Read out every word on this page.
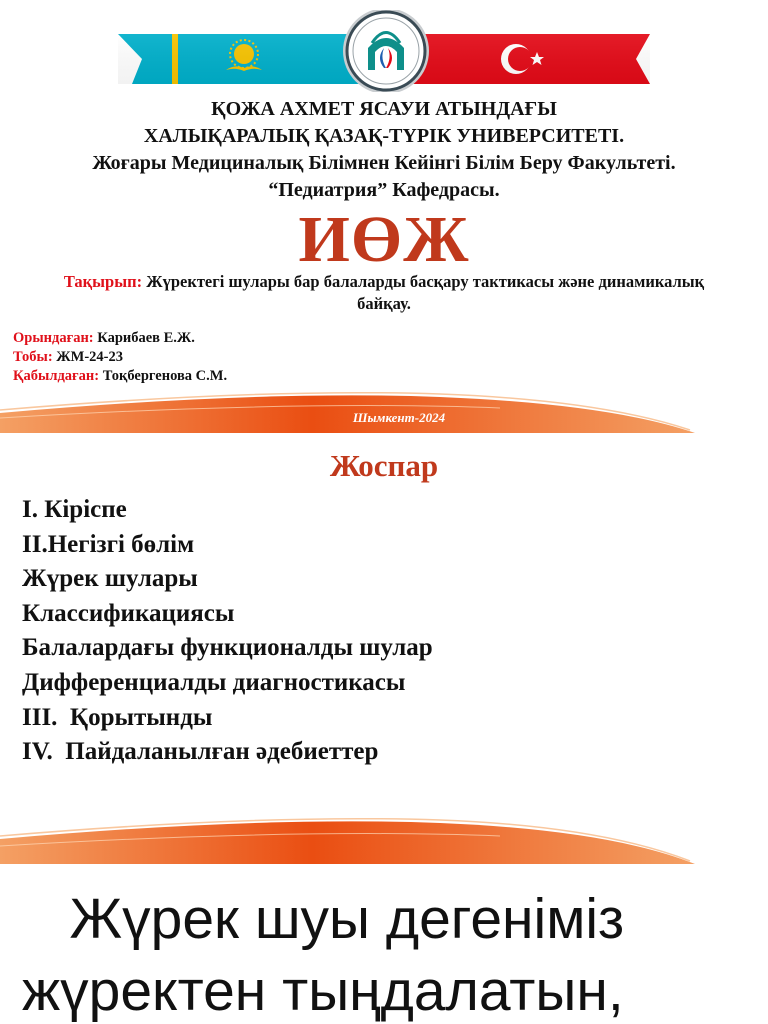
ҚОЖА АХМЕТ ЯСАУИ АТЫНДАҒЫ
ХАЛЫҚАРАЛЫҚ ҚАЗАҚ-ТҮРІК УНИВЕРСИТЕТІ.
Жоғары Медициналық Білімнен Кейінгі Білім Беру Факультеті.
“Педиатрия” Кафедрасы.
ИӨЖ
Тақырып: Жүректегі шулары бар балаларды басқару тактикасы және динамикалық байқау.
Орындаған: Карибаев Е.Ж.
Тобы: ЖМ-24-23
Қабылдаған: Тоқбергенова С.М.
Шымкент-2024
Жоспар
I. Кіріспе
II.Негізгі бөлім
Жүрек шулары
Классификациясы
Балалардағы функционалды шулар
Дифференциалды диагностикасы
III.  Қорытынды
IV.  Пайдаланылған әдебиеттер
Жүрек шуы дегеніміз
жүректен тыңдалатын,
